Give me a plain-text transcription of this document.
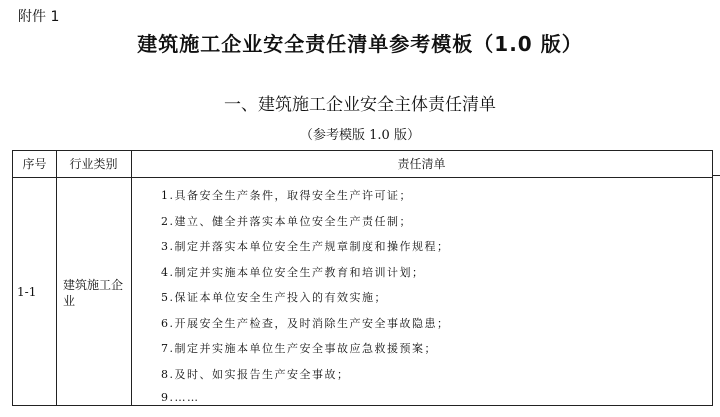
附件 1
建筑施工企业安全责任清单参考模板（1.0 版）
一、建筑施工企业安全主体责任清单
（参考模版 1.0 版）
序号	行业类别	责任清单
1-1 建筑施工企业
1.具备安全生产条件，取得安全生产许可证；
2.建立、健全并落实本单位安全生产责任制；
3.制定并落实本单位安全生产规章制度和操作规程；
4.制定并实施本单位安全生产教育和培训计划；
5.保证本单位安全生产投入的有效实施；
6.开展安全生产检查，及时消除生产安全事故隐患；
7.制定并实施本单位生产安全事故应急救援预案；
8.及时、如实报告生产安全事故；
9.……
